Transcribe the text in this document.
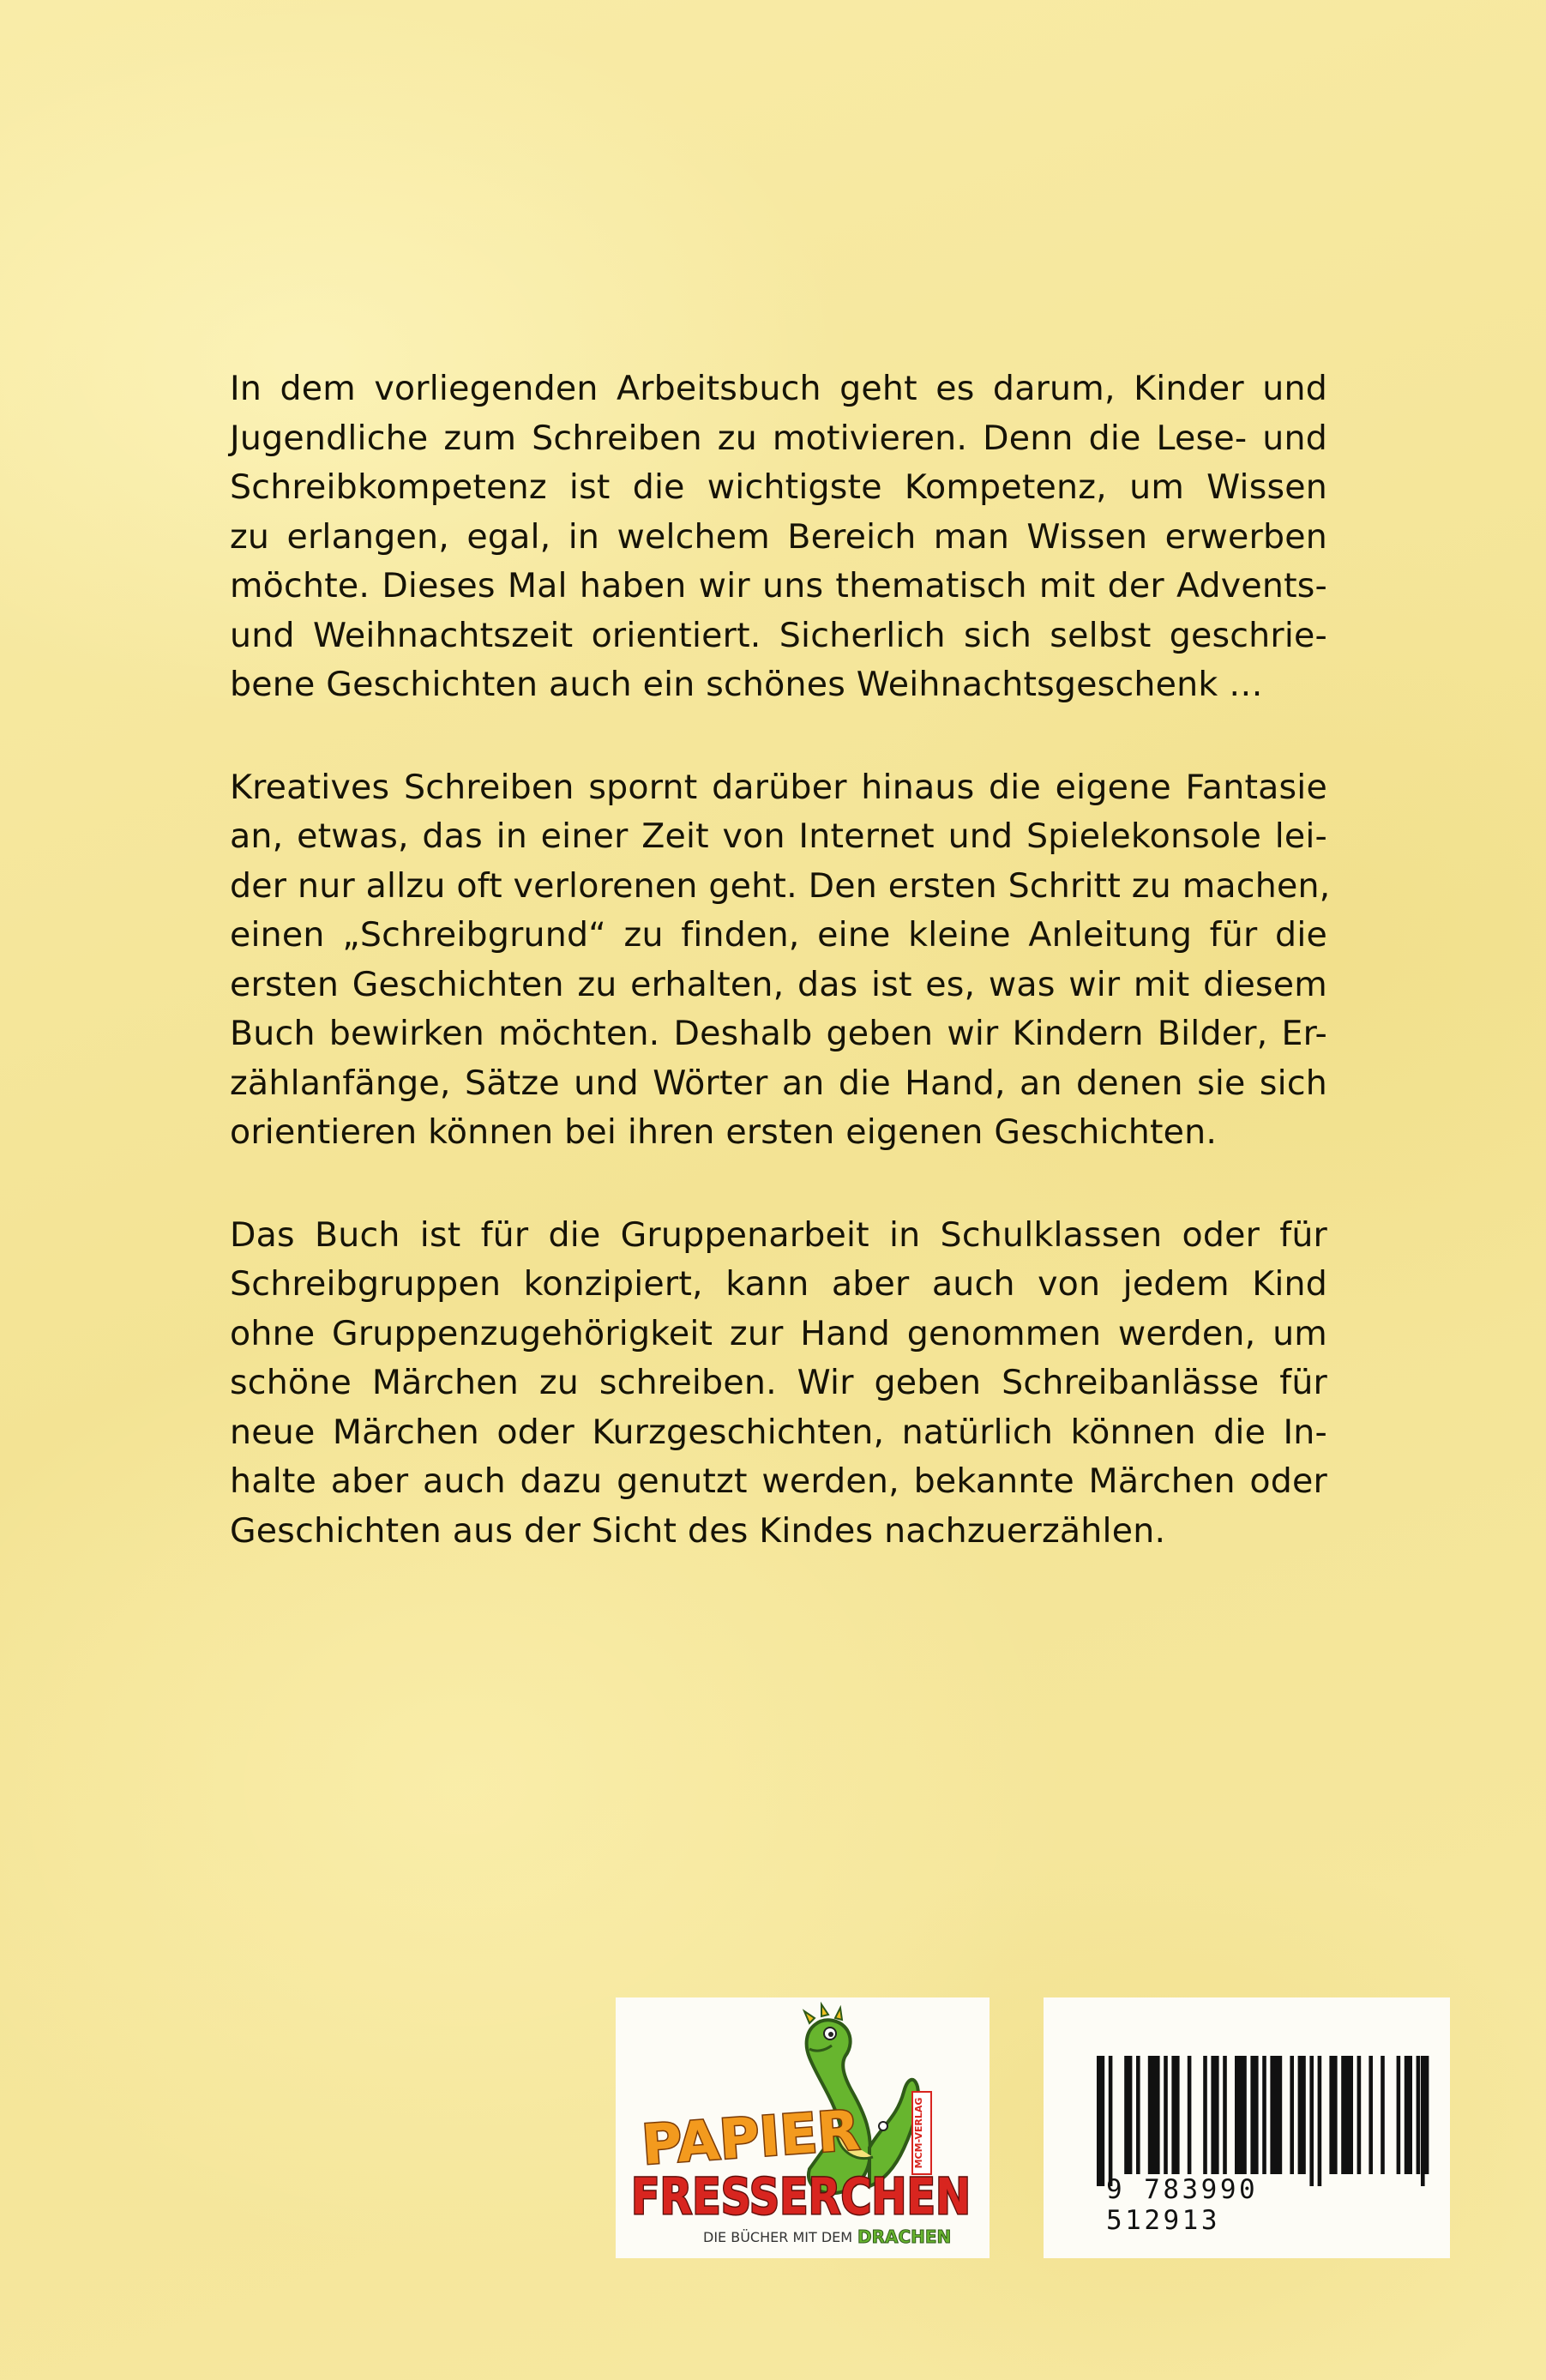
In dem vorliegenden Arbeitsbuch geht es darum, Kinder und
Jugendliche zum Schreiben zu motivieren. Denn die Lese- und
Schreibkompetenz ist die wichtigste Kompetenz, um Wissen
zu erlangen, egal, in welchem Bereich man Wissen erwerben
möchte. Dieses Mal haben wir uns thematisch mit der Advents-
und Weihnachtszeit orientiert. Sicherlich sich selbst geschrie-
bene Geschichten auch ein schönes Weihnachtsgeschenk …
Kreatives Schreiben spornt darüber hinaus die eigene Fantasie
an, etwas, das in einer Zeit von Internet und Spielekonsole lei-
der nur allzu oft verlorenen geht. Den ersten Schritt zu machen,
einen „Schreibgrund“ zu finden, eine kleine Anleitung für die
ersten Geschichten zu erhalten, das ist es, was wir mit diesem
Buch bewirken möchten. Deshalb geben wir Kindern Bilder, Er-
zählanfänge, Sätze und Wörter an die Hand, an denen sie sich
orientieren können bei ihren ersten eigenen Geschichten.
Das Buch ist für die Gruppenarbeit in Schulklassen oder für
Schreibgruppen konzipiert, kann aber auch von jedem Kind
ohne Gruppenzugehörigkeit zur Hand genommen werden, um
schöne Märchen zu schreiben. Wir geben Schreibanlässe für
neue Märchen oder Kurzgeschichten, natürlich können die In-
halte aber auch dazu genutzt werden, bekannte Märchen oder
Geschichten aus der Sicht des Kindes nachzuerzählen.
MCM-VERLAG
PAPIER
FRESSERCHEN
DIE BÜCHER MIT DEM DRACHEN
9 783990512913
